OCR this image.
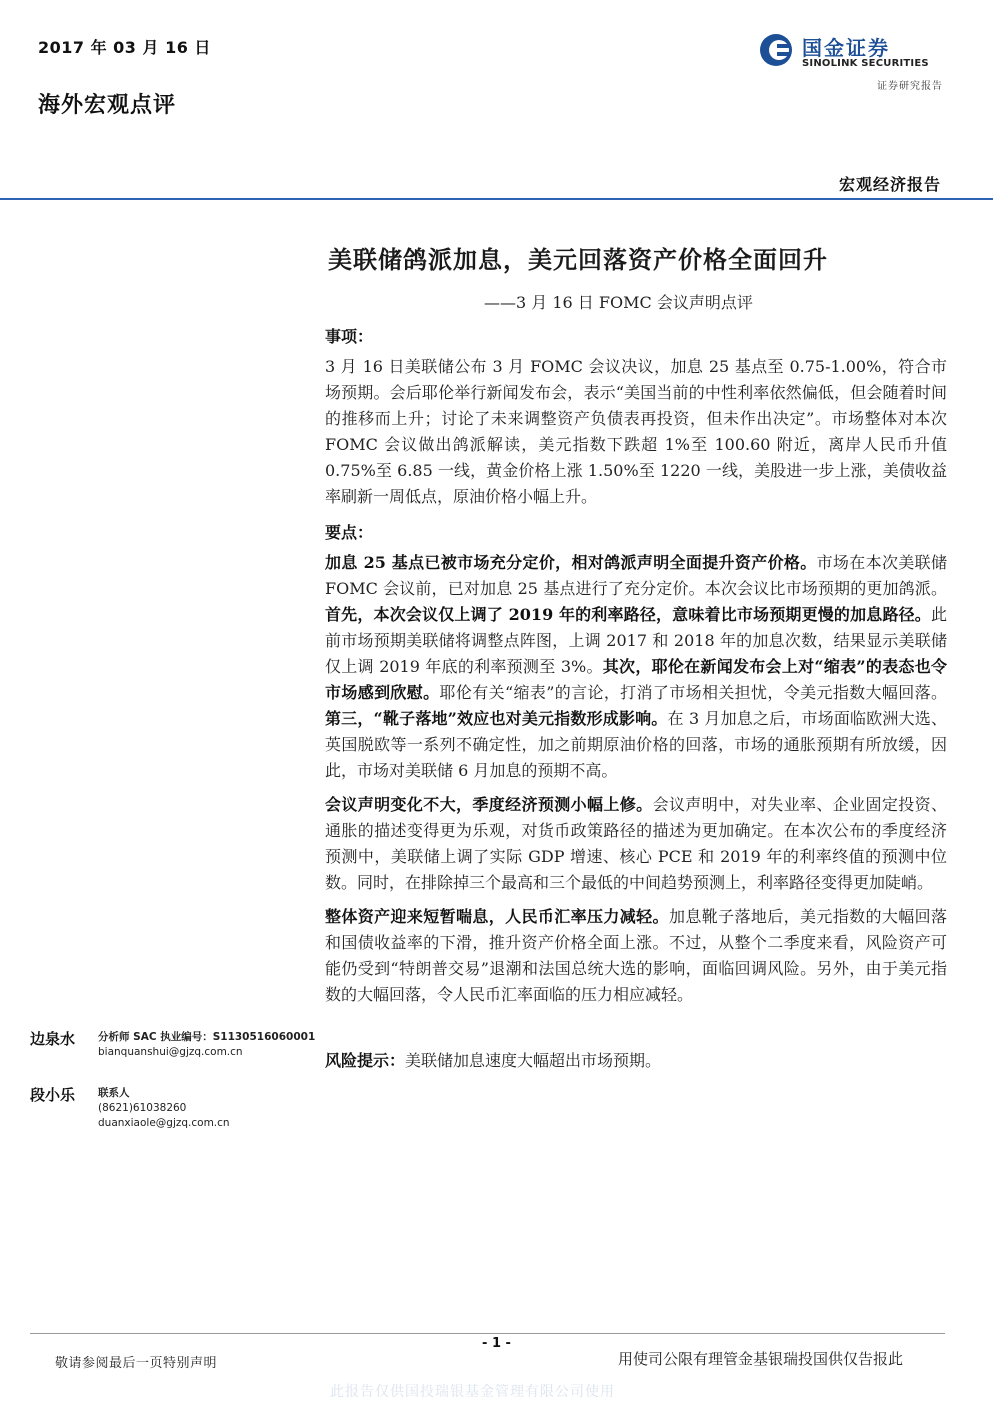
2017 年 03 月 16 日
海外宏观点评
国金证券
SINOLINK SECURITIES
证券研究报告
宏观经济报告
美联储鸽派加息，美元回落资产价格全面回升
——3 月 16 日 FOMC 会议声明点评
事项：

3 月 16 日美联储公布 3 月 FOMC 会议决议，加息 25 基点至 0.75-1.00%，符合市场预期。会后耶伦举行新闻发布会，表示“美国当前的中性利率依然偏低，但会随着时间的推移而上升；讨论了未来调整资产负债表再投资，但未作出决定”。市场整体对本次 FOMC 会议做出鸽派解读，美元指数下跌超 1%至 100.60 附近，离岸人民币升值 0.75%至 6.85 一线，黄金价格上涨 1.50%至 1220 一线，美股进一步上涨，美债收益率刷新一周低点，原油价格小幅上升。

要点：

加息 25 基点已被市场充分定价，相对鸽派声明全面提升资产价格。市场在本次美联储 FOMC 会议前，已对加息 25 基点进行了充分定价。本次会议比市场预期的更加鸽派。首先，本次会议仅上调了 2019 年的利率路径，意味着比市场预期更慢的加息路径。此前市场预期美联储将调整点阵图，上调 2017 和 2018 年的加息次数，结果显示美联储仅上调 2019 年底的利率预测至 3%。其次，耶伦在新闻发布会上对“缩表”的表态也令市场感到欣慰。耶伦有关“缩表”的言论，打消了市场相关担忧，令美元指数大幅回落。第三，“靴子落地”效应也对美元指数形成影响。在 3 月加息之后，市场面临欧洲大选、英国脱欧等一系列不确定性，加之前期原油价格的回落，市场的通胀预期有所放缓，因此，市场对美联储 6 月加息的预期不高。

会议声明变化不大，季度经济预测小幅上修。会议声明中，对失业率、企业固定投资、通胀的描述变得更为乐观，对货币政策路径的描述为更加确定。在本次公布的季度经济预测中，美联储上调了实际 GDP 增速、核心 PCE 和 2019 年的利率终值的预测中位数。同时，在排除掉三个最高和三个最低的中间趋势预测上，利率路径变得更加陡峭。

整体资产迎来短暂喘息，人民币汇率压力减轻。加息靴子落地后，美元指数的大幅回落和国债收益率的下滑，推升资产价格全面上涨。不过，从整个二季度来看，风险资产可能仍受到“特朗普交易”退潮和法国总统大选的影响，面临回调风险。另外，由于美元指数的大幅回落，令人民币汇率面临的压力相应减轻。

风险提示：美联储加息速度大幅超出市场预期。

边泉水 分析师 SAC 执业编号：S1130516060001
bianquanshui@gjzq.com.cn
段小乐 联系人
(8621)61038260
duanxiaole@gjzq.com.cn
- 1 -
敬请参阅最后一页特别声明	用使司公限有理管金基银瑞投国供仅告报此
此报告仅供国投瑞银基金管理有限公司使用
